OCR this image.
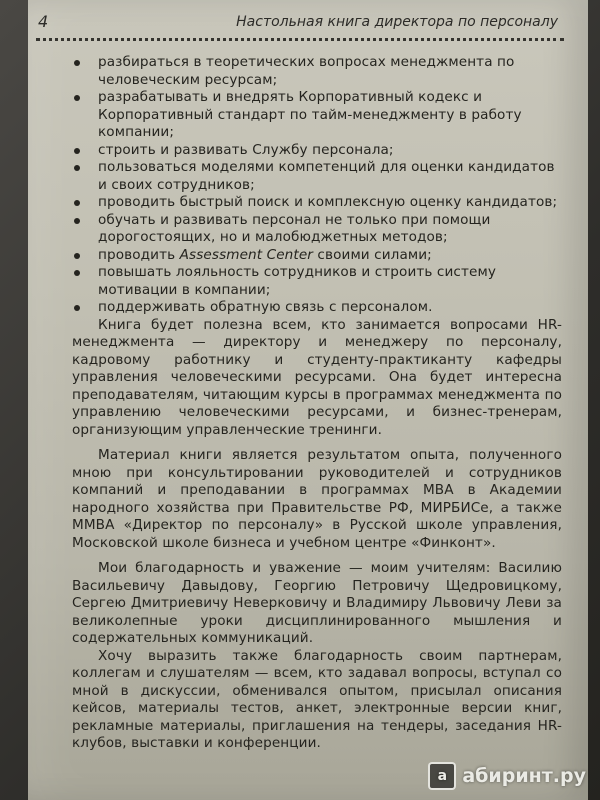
4	Настольная книга директора по персоналу
разбираться в теоретических вопросах менеджмента по человеческим ресурсам;
разрабатывать и внедрять Корпоративный кодекс и Корпоративный стандарт по тайм-менеджменту в работу компании;
строить и развивать Службу персонала;
пользоваться моделями компетенций для оценки кандидатов и своих сотрудников;
проводить быстрый поиск и комплексную оценку кандидатов;
обучать и развивать персонал не только при помощи дорогостоящих, но и малобюджетных методов;
проводить Assessment Center своими силами;
повышать лояльность сотрудников и строить систему мотивации в компании;
поддерживать обратную связь с персоналом.

Книга будет полезна всем, кто занимается вопросами HR-менеджмента — директору и менеджеру по персоналу, кадровому работнику и студенту-практиканту кафедры управления человеческими ресурсами. Она будет интересна преподавателям, читающим курсы в программах менеджмента по управлению человеческими ресурсами, и бизнес-тренерам, организующим управленческие тренинги.

Материал книги является результатом опыта, полученного мною при консультировании руководителей и сотрудников компаний и преподавании в программах МВА в Академии народного хозяйства при Правительстве РФ, МИРБИСе, а также ММВА «Директор по персоналу» в Русской школе управления, Московской школе бизнеса и учебном центре «Финконт».

Мои благодарность и уважение — моим учителям: Василию Васильевичу Давыдову, Георгию Петровичу Щедровицкому, Сергею Дмитриевичу Неверковичу и Владимиру Львовичу Леви за великолепные уроки дисциплинированного мышления и содержательных коммуникаций.

Хочу выразить также благодарность своим партнерам, коллегам и слушателям — всем, кто задавал вопросы, вступал со мной в дискуссии, обменивался опытом, присылал описания кейсов, материалы тестов, анкет, электронные версии книг, рекламные материалы, приглашения на тендеры, заседания HR-клубов, выставки и конференции.

а абиринт.ру
